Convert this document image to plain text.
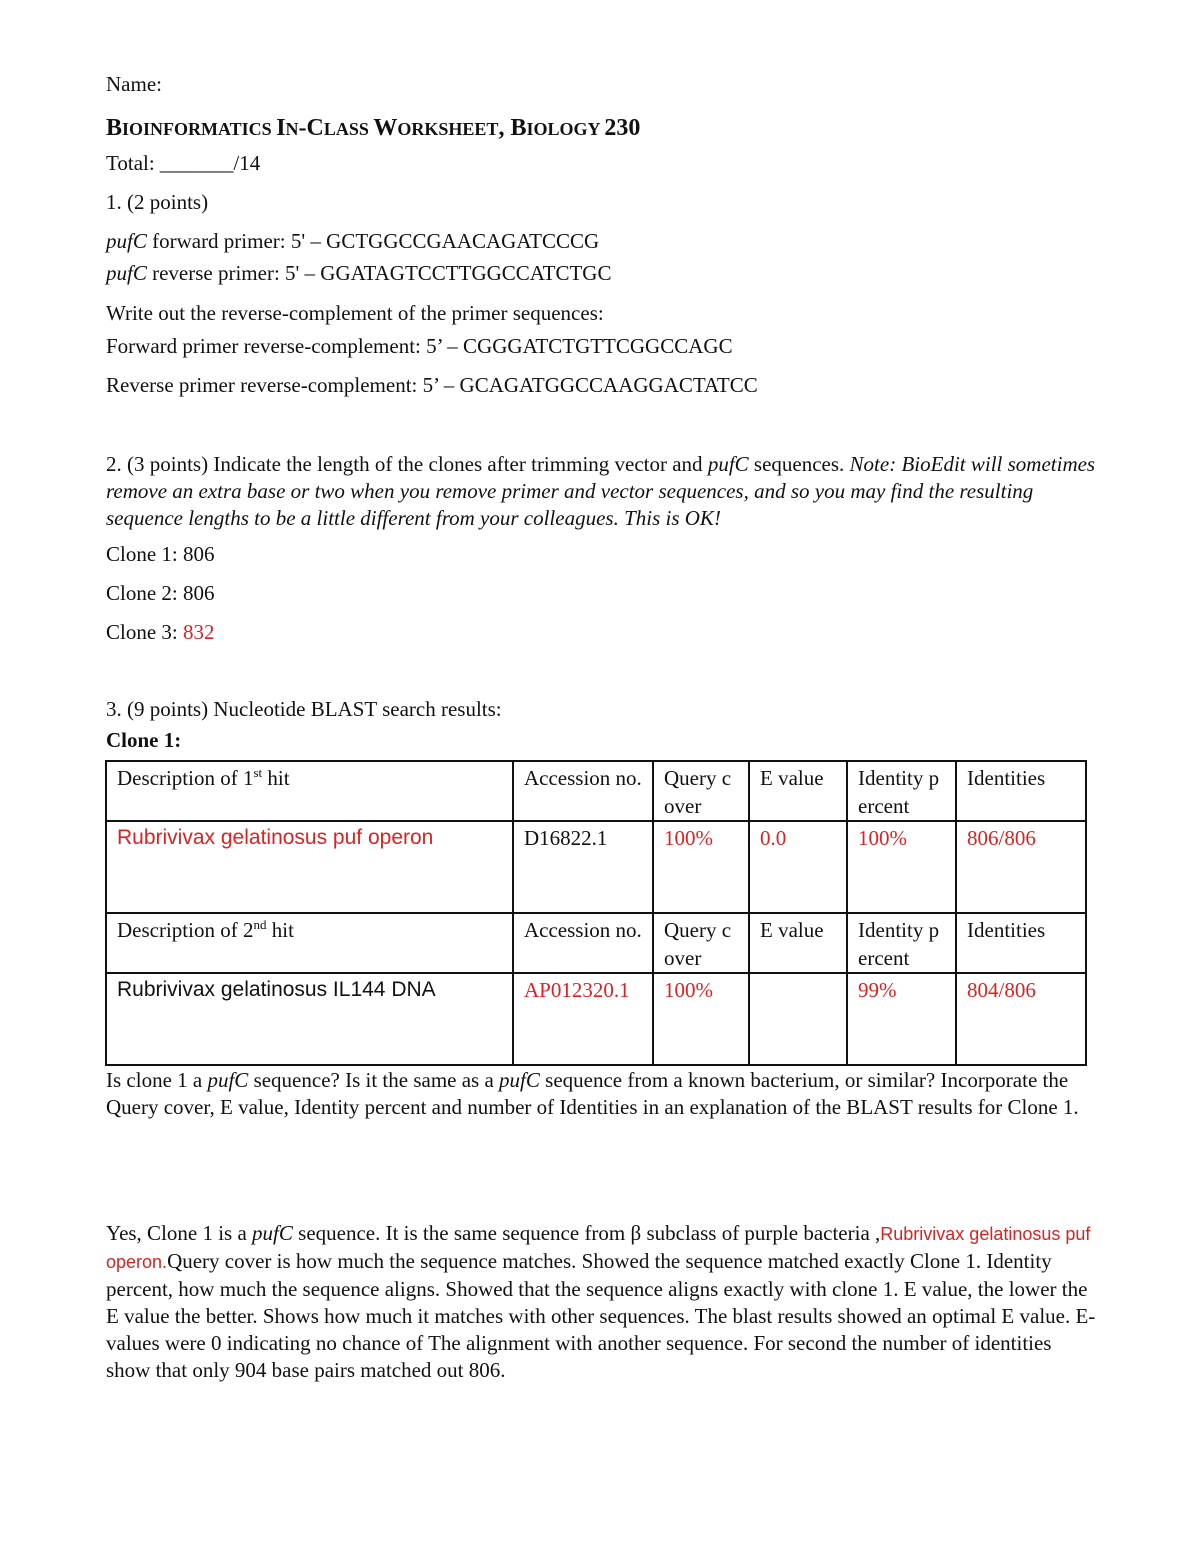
Name:
BIOINFORMATICS IN-CLASS WORKSHEET, BIOLOGY 230
Total: _______/14
1. (2 points)
pufC forward primer: 5' – GCTGGCCGAACAGATCCCG
pufC reverse primer: 5' – GGATAGTCCTTGGCCATCTGC
Write out the reverse-complement of the primer sequences:
Forward primer reverse-complement: 5’ – CGGGATCTGTTCGGCCAGC
Reverse primer reverse-complement: 5’ – GCAGATGGCCAAGGACTATCC
2. (3 points) Indicate the length of the clones after trimming vector and pufC sequences. Note: BioEdit will sometimes remove an extra base or two when you remove primer and vector sequences, and so you may find the resulting sequence lengths to be a little different from your colleagues. This is OK!
Clone 1: 806
Clone 2: 806
Clone 3: 832
3. (9 points) Nucleotide BLAST search results:
Clone 1:
Description of 1st hit	Accession no.	Query cover	E value	Identity percent	Identities
Rubrivivax gelatinosus puf operon	D16822.1	100%	0.0	100%	806/806
Description of 2nd hit	Accession no.	Query cover	E value	Identity percent	Identities
Rubrivivax gelatinosus IL144 DNA	AP012320.1	100%		99%	804/806
Is clone 1 a pufC sequence? Is it the same as a pufC sequence from a known bacterium, or similar? Incorporate the Query cover, E value, Identity percent and number of Identities in an explanation of the BLAST results for Clone 1.
Yes, Clone 1 is a pufC sequence. It is the same sequence from β subclass of purple bacteria ,Rubrivivax gelatinosus puf operon.Query cover is how much the sequence matches. Showed the sequence matched exactly Clone 1. Identity percent, how much the sequence aligns. Showed that the sequence aligns exactly with clone 1. E value, the lower the E value the better. Shows how much it matches with other sequences. The blast results showed an optimal E value. E-values were 0 indicating no chance of The alignment with another sequence. For second the number of identities show that only 904 base pairs matched out 806.
